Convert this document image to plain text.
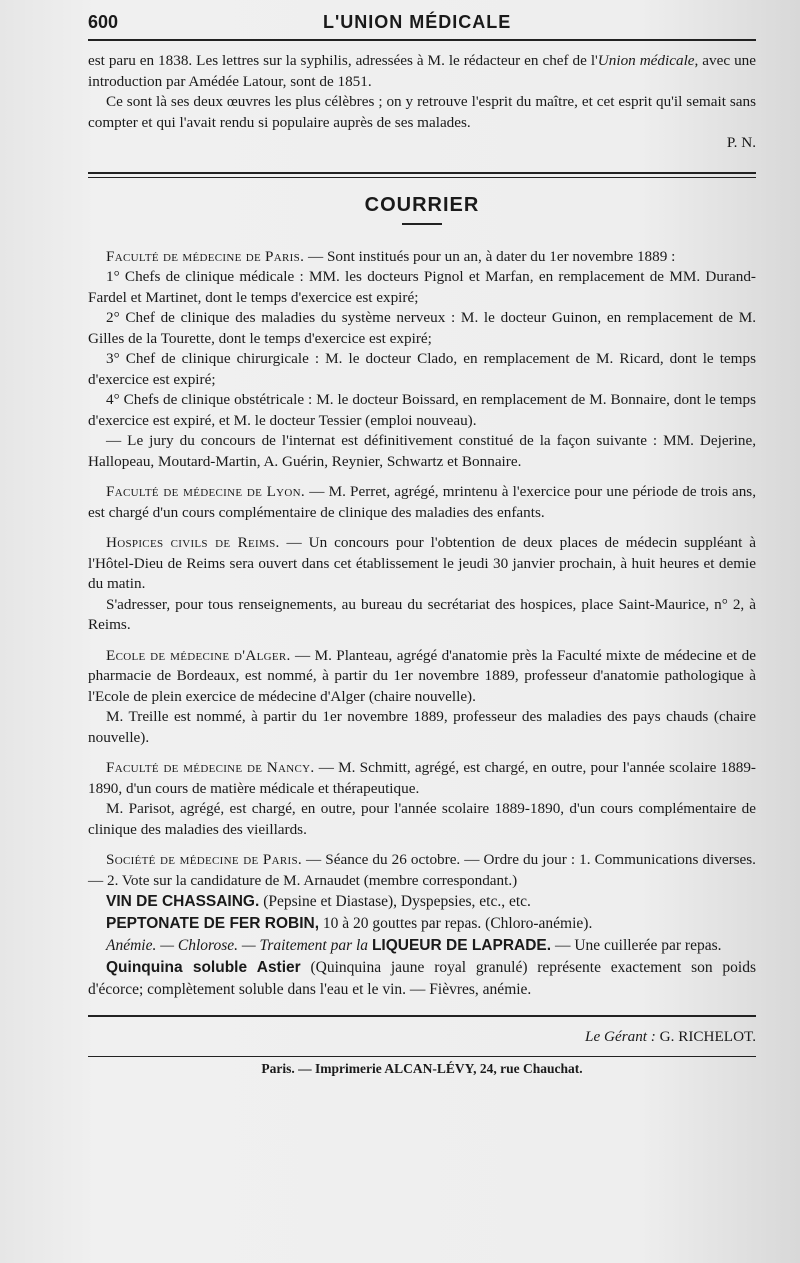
600	L'UNION MÉDICALE

est paru en 1838. Les lettres sur la syphilis, adressées à M. le rédacteur en chef de l'Union médicale, avec une introduction par Amédée Latour, sont de 1851.

Ce sont là ses deux œuvres les plus célèbres ; on y retrouve l'esprit du maître, et cet esprit qu'il semait sans compter et qui l'avait rendu si populaire auprès de ses malades.

P. N.
COURRIER

Faculté de médecine de Paris. — Sont institués pour un an, à dater du 1er novembre 1889 :

1° Chefs de clinique médicale : MM. les docteurs Pignol et Marfan, en remplacement de MM. Durand-Fardel et Martinet, dont le temps d'exercice est expiré;

2° Chef de clinique des maladies du système nerveux : M. le docteur Guinon, en remplacement de M. Gilles de la Tourette, dont le temps d'exercice est expiré;

3° Chef de clinique chirurgicale : M. le docteur Clado, en remplacement de M. Ricard, dont le temps d'exercice est expiré;

4° Chefs de clinique obstétricale : M. le docteur Boissard, en remplacement de M. Bonnaire, dont le temps d'exercice est expiré, et M. le docteur Tessier (emploi nouveau).

— Le jury du concours de l'internat est définitivement constitué de la façon suivante : MM. Dejerine, Hallopeau, Moutard-Martin, A. Guérin, Reynier, Schwartz et Bonnaire.

Faculté de médecine de Lyon. — M. Perret, agrégé, mrintenu à l'exercice pour une période de trois ans, est chargé d'un cours complémentaire de clinique des maladies des enfants.

Hospices civils de Reims. — Un concours pour l'obtention de deux places de médecin suppléant à l'Hôtel-Dieu de Reims sera ouvert dans cet établissement le jeudi 30 janvier prochain, à huit heures et demie du matin.

S'adresser, pour tous renseignements, au bureau du secrétariat des hospices, place Saint-Maurice, n° 2, à Reims.

Ecole de médecine d'Alger. — M. Planteau, agrégé d'anatomie près la Faculté mixte de médecine et de pharmacie de Bordeaux, est nommé, à partir du 1er novembre 1889, professeur d'anatomie pathologique à l'Ecole de plein exercice de médecine d'Alger (chaire nouvelle).

M. Treille est nommé, à partir du 1er novembre 1889, professeur des maladies des pays chauds (chaire nouvelle).

Faculté de médecine de Nancy. — M. Schmitt, agrégé, est chargé, en outre, pour l'année scolaire 1889-1890, d'un cours de matière médicale et thérapeutique.

M. Parisot, agrégé, est chargé, en outre, pour l'année scolaire 1889-1890, d'un cours complémentaire de clinique des maladies des vieillards.

Société de médecine de Paris. — Séance du 26 octobre. — Ordre du jour : 1. Communications diverses. — 2. Vote sur la candidature de M. Arnaudet (membre correspondant.)

VIN DE CHASSAING. (Pepsine et Diastase), Dyspepsies, etc., etc.

PEPTONATE DE FER ROBIN, 10 à 20 gouttes par repas. (Chloro-anémie).

Anémie. — Chlorose. — Traitement par la LIQUEUR DE LAPRADE. — Une cuillerée par repas.

Quinquina soluble Astier (Quinquina jaune royal granulé) représente exactement son poids d'écorce; complètement soluble dans l'eau et le vin. — Fièvres, anémie.

Le Gérant : G. RICHELOT.
Paris. — Imprimerie ALCAN-LÉVY, 24, rue Chauchat.
